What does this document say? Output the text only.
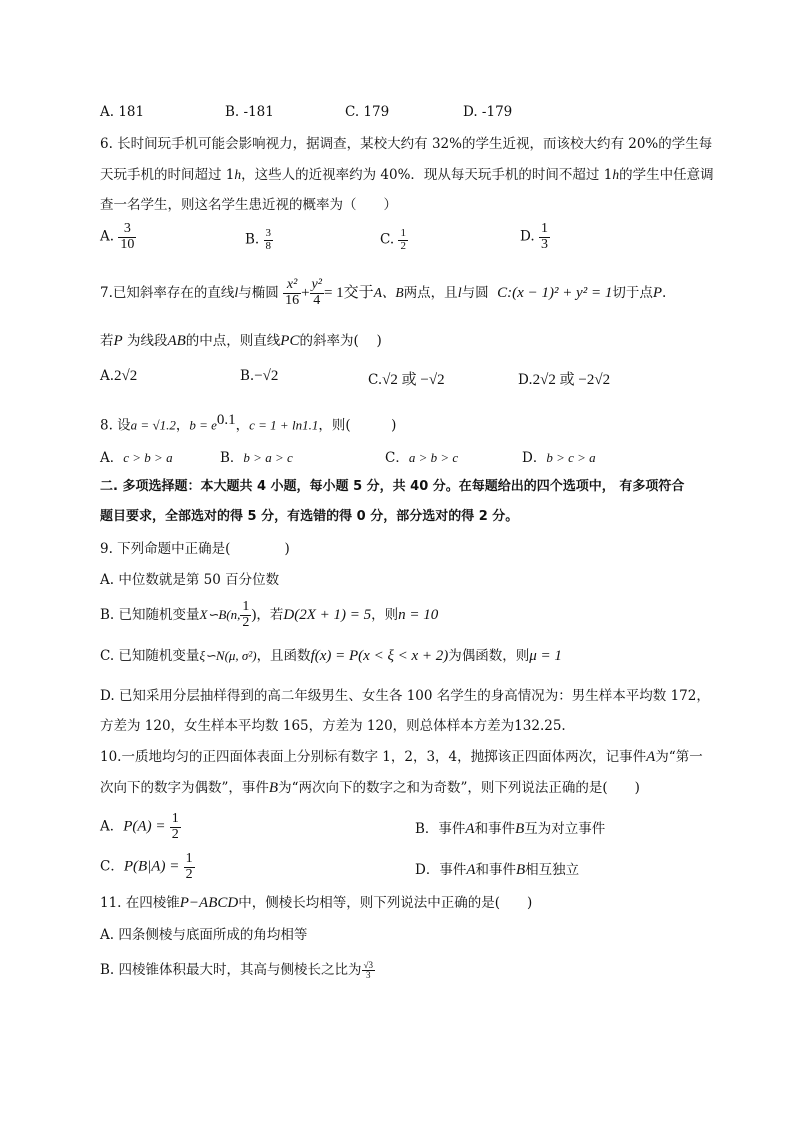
A. 181	B. -181	C. 179	D. -179
6. 长时间玩手机可能会影响视力，据调查，某校大约有 32%的学生近视，而该校大约有 20%的学生每
天玩手机的时间超过 1h，这些人的近视率约为 40%．现从每天玩手机的时间不超过 1h的学生中任意调
查一名学生，则这名学生患近视的概率为（　　）
A. $\frac{3}{10}$	B. $\frac{3}{8}$	C. $\frac{1}{2}$	D. $\frac{1}{3}$
7.已知斜率存在的直线l与椭圆 $\frac{\text{x²}}{16} + \frac{\text{y²}}{4} = 1$交于A、B两点，且l与圆 C:(x − 1)² + y² = 1切于点P.
若P 为线段AB的中点，则直线PC的斜率为(　 )
A.2√2	B.−√2	C.√2 或 −√2	D.2√2 或 −2√2
8. 设a = √1.2，$b = e^{0.1}$，c = 1 + ln1.1，则(　　　)
A．c > b > a	B．b > a > c	C．a > b > c	D．b > c > a
二. 多项选择题：本大题共 4 小题，每小题 5 分，共 40 分。在每题给出的四个选项中， 有多项符合
题目要求，全部选对的得 5 分，有选错的得 0 分，部分选对的得 2 分。
9. 下列命题中正确是(　　　　)
A. 中位数就是第 50 百分位数
B. 已知随机变量X∽B(n, $\frac{1}{2}$ )，若D(2X + 1) = 5，则n = 10
C. 已知随机变量ξ∽N(μ, σ²)，且函数f(x) = P(x < ξ < x + 2)为偶函数，则μ = 1
D. 已知采用分层抽样得到的高二年级男生、女生各 100 名学生的身高情况为：男生样本平均数 172，
方差为 120，女生样本平均数 165，方差为 120，则总体样本方差为132.25.
10.一质地均匀的正四面体表面上分别标有数字 1，2，3，4，抛掷该正四面体两次，记事件A为“第一
次向下的数字为偶数”，事件B为“两次向下的数字之和为奇数”，则下列说法正确的是(　　)
A．$P(A) = \frac{1}{2}$	B．事件A和事件B互为对立事件
C．$P(B|A) = \frac{1}{2}$	D．事件A和事件B相互独立
11. 在四棱锥P−ABCD中，侧棱长均相等，则下列说法中正确的是(　　)
A. 四条侧棱与底面所成的角均相等
B. 四棱锥体积最大时，其高与侧棱长之比为 $\frac{√3}{3}$
